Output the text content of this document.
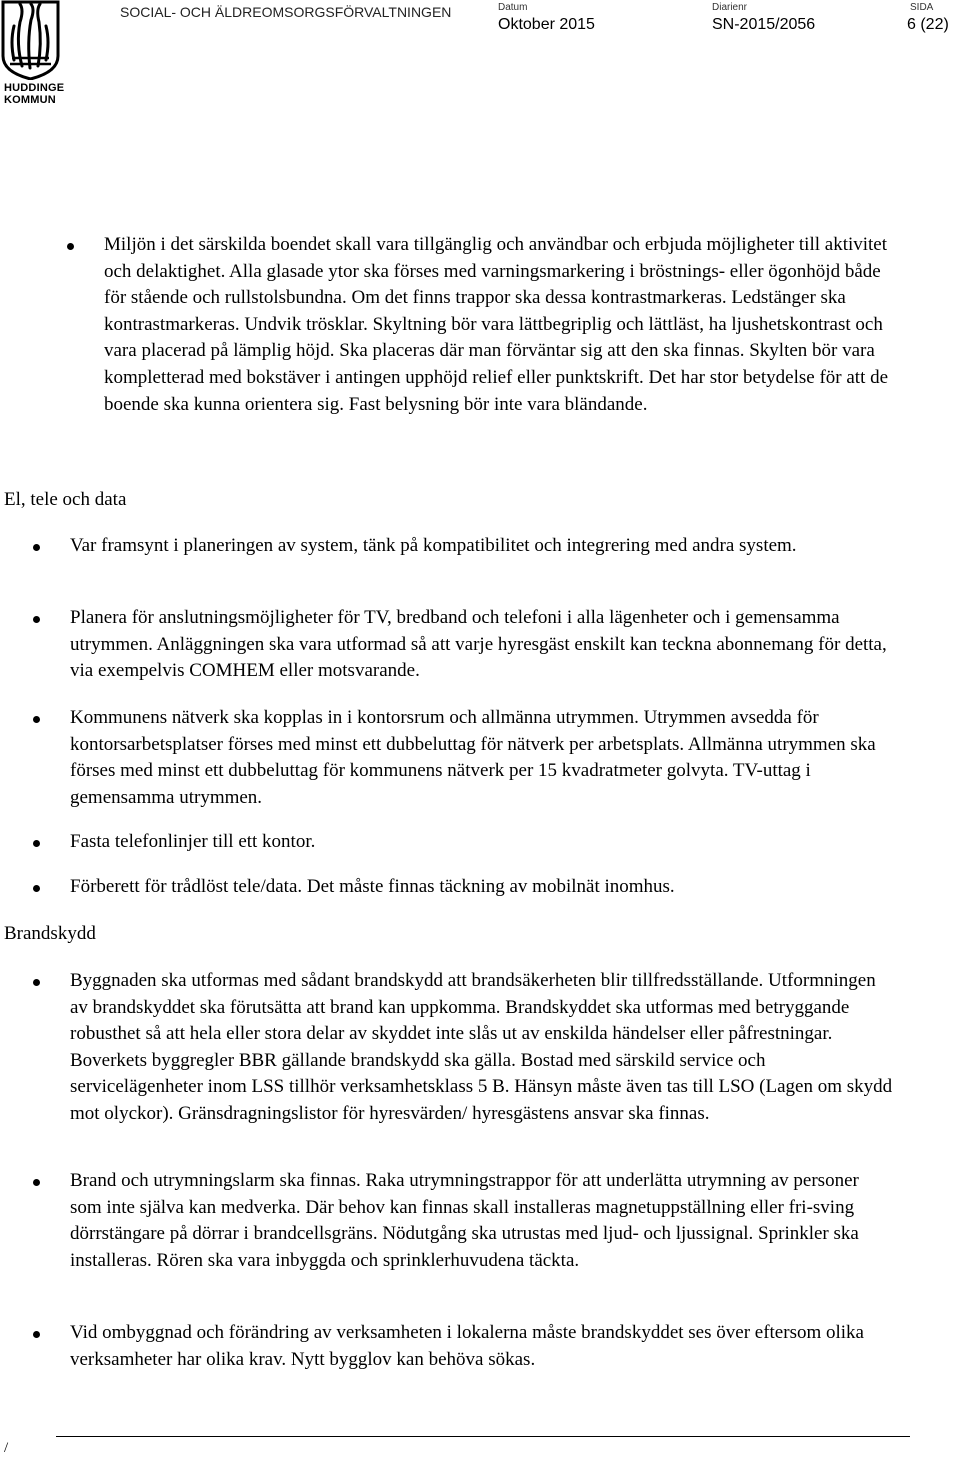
HUDDINGE
KOMMUN
SOCIAL- OCH ÄLDREOMSORGSFÖRVALTNINGEN	Datum
Oktober 2015
Diarienr
SN-2015/2056
SIDA
6 (22)
Miljön i det särskilda boendet skall vara tillgänglig och användbar och erbjuda möjligheter till aktivitet och delaktighet. Alla glasade ytor ska förses med varningsmarkering i bröstnings- eller ögonhöjd både för stående och rullstolsbundna. Om det finns trappor ska dessa kontrastmarkeras. Ledstänger ska kontrastmarkeras. Undvik trösklar. Skyltning bör vara lättbegriplig och lättläst, ha ljushetskontrast och vara placerad på lämplig höjd. Ska placeras där man förväntar sig att den ska finnas. Skylten bör vara kompletterad med bokstäver i antingen upphöjd relief eller punktskrift. Det har stor betydelse för att de boende ska kunna orientera sig. Fast belysning bör inte vara bländande.
El, tele och data
Var framsynt i planeringen av system, tänk på kompatibilitet och integrering med andra system.
Planera för anslutningsmöjligheter för TV, bredband och telefoni i alla lägenheter och i gemensamma utrymmen. Anläggningen ska vara utformad så att varje hyresgäst enskilt kan teckna abonnemang för detta, via exempelvis COMHEM eller motsvarande.
Kommunens nätverk ska kopplas in i kontorsrum och allmänna utrymmen. Utrymmen avsedda för kontorsarbetsplatser förses med minst ett dubbeluttag för nätverk per arbetsplats. Allmänna utrymmen ska förses med minst ett dubbeluttag för kommunens nätverk per 15 kvadratmeter golvyta. TV-uttag i gemensamma utrymmen.
Fasta telefonlinjer till ett kontor.
Förberett för trådlöst tele/data. Det måste finnas täckning av mobilnät inomhus.
Brandskydd
Byggnaden ska utformas med sådant brandskydd att brandsäkerheten blir tillfredsställande. Utformningen av brandskyddet ska förutsätta att brand kan uppkomma. Brandskyddet ska utformas med betryggande robusthet så att hela eller stora delar av skyddet inte slås ut av enskilda händelser eller påfrestningar. Boverkets byggregler BBR gällande brandskydd ska gälla. Bostad med särskild service och servicelägenheter inom LSS tillhör verksamhetsklass 5 B. Hänsyn måste även tas till LSO (Lagen om skydd mot olyckor). Gränsdragningslistor för hyresvärden/ hyresgästens ansvar ska finnas.
Brand och utrymningslarm ska finnas. Raka utrymningstrappor för att underlätta utrymning av personer som inte själva kan medverka. Där behov kan finnas skall installeras magnetuppställning eller fri-sving dörrstängare på dörrar i brandcellsgräns. Nödutgång ska utrustas med ljud- och ljussignal. Sprinkler ska installeras. Rören ska vara inbyggda och sprinklerhuvudena täckta.
Vid ombyggnad och förändring av verksamheten i lokalerna måste brandskyddet ses över eftersom olika verksamheter har olika krav. Nytt bygglov kan behöva sökas.
/
